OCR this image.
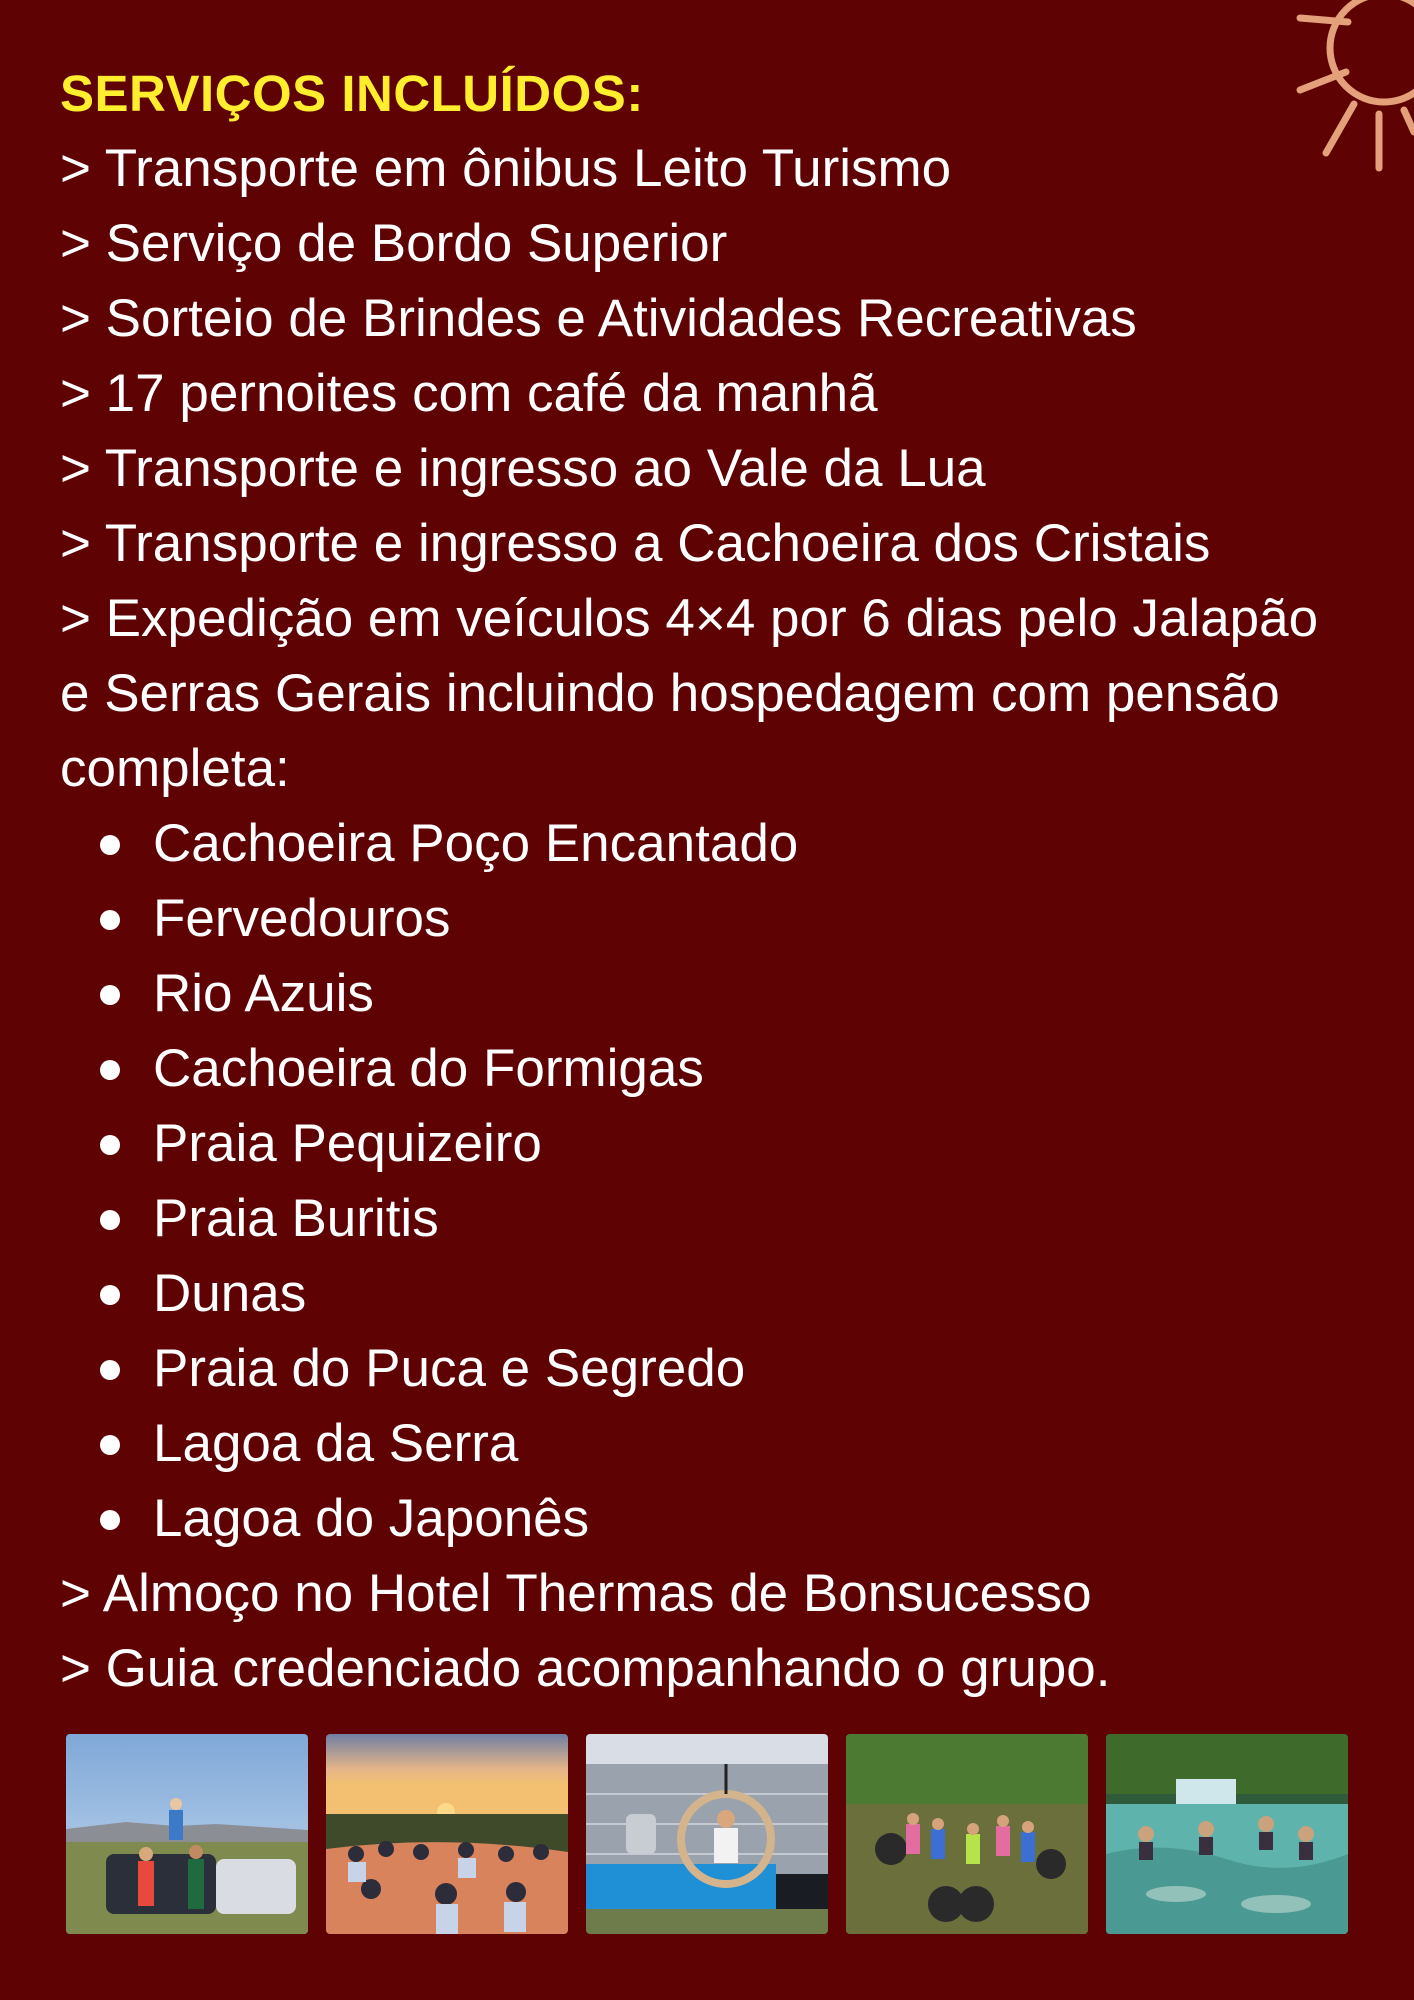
SERVIÇOS INCLUÍDOS:
> Transporte em ônibus Leito Turismo
> Serviço de Bordo Superior
> Sorteio de Brindes e Atividades Recreativas
> 17 pernoites com café da manhã
> Transporte e ingresso ao Vale da Lua
> Transporte e ingresso a Cachoeira dos Cristais
> Expedição em veículos 4×4 por 6 dias pelo Jalapão e Serras Gerais incluindo hospedagem com pensão completa:
Cachoeira Poço Encantado
Fervedouros
Rio Azuis
Cachoeira do Formigas
Praia Pequizeiro
Praia Buritis
Dunas
Praia do Puca e Segredo
Lagoa da Serra
Lagoa do Japonês
> Almoço no Hotel Thermas de Bonsucesso
> Guia credenciado acompanhando o grupo.
